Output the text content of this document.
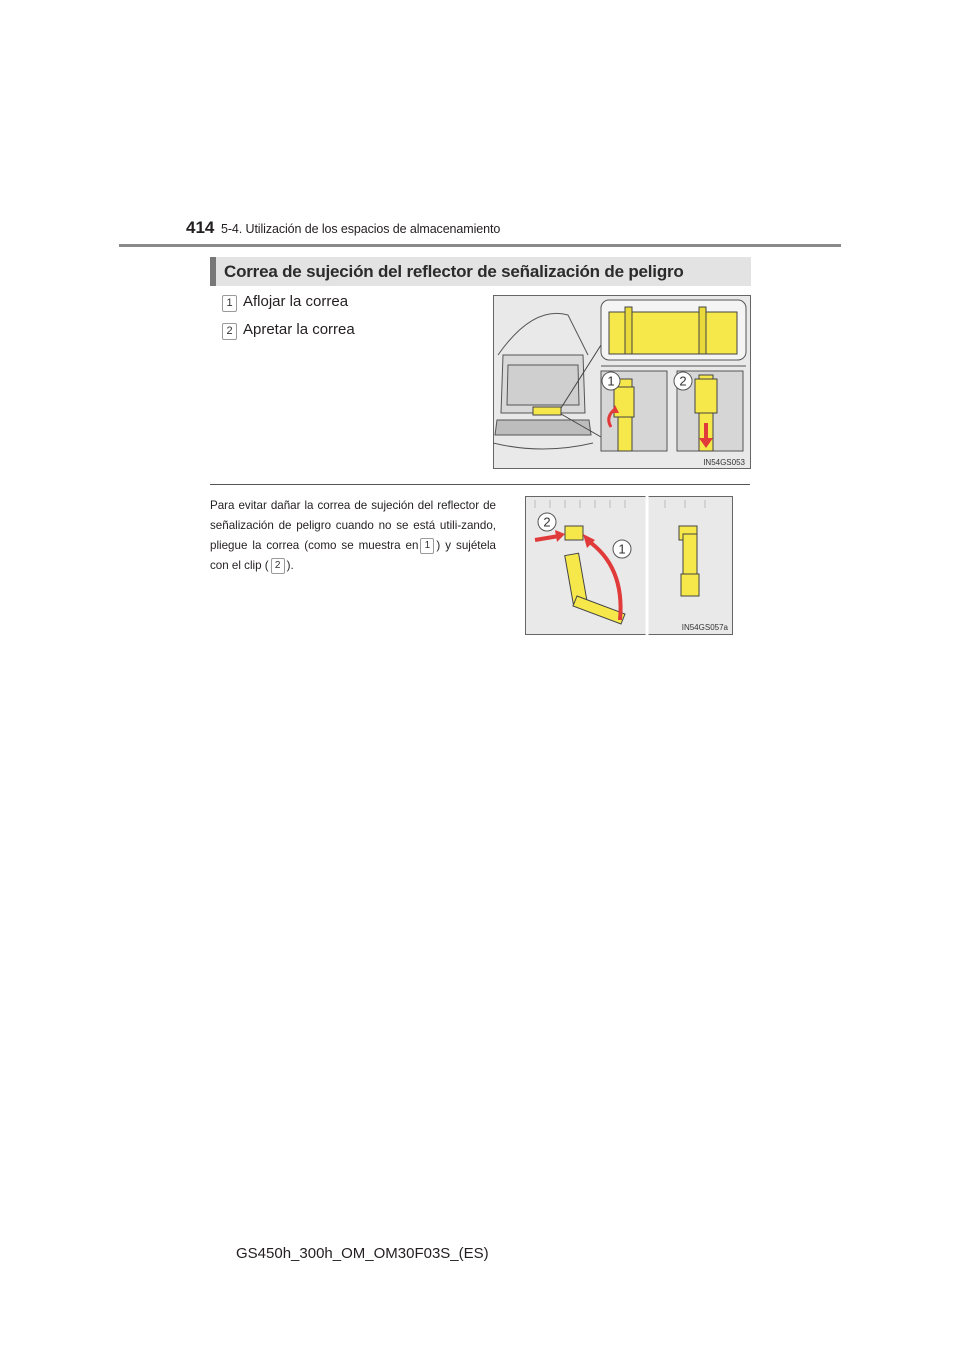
414 5-4. Utilización de los espacios de almacenamiento
Correa de sujeción del reflector de señalización de peligro
1 Aflojar la correa
2 Apretar la correa
1	2
IN54GS053
Para evitar dañar la correa de sujeción del reflector de señalización de peligro cuando no se está utili-zando, pliegue la correa (como se muestra en 1 ) y sujétela con el clip ( 2 ).
2
1
IN54GS057a
GS450h_300h_OM_OM30F03S_(ES)
